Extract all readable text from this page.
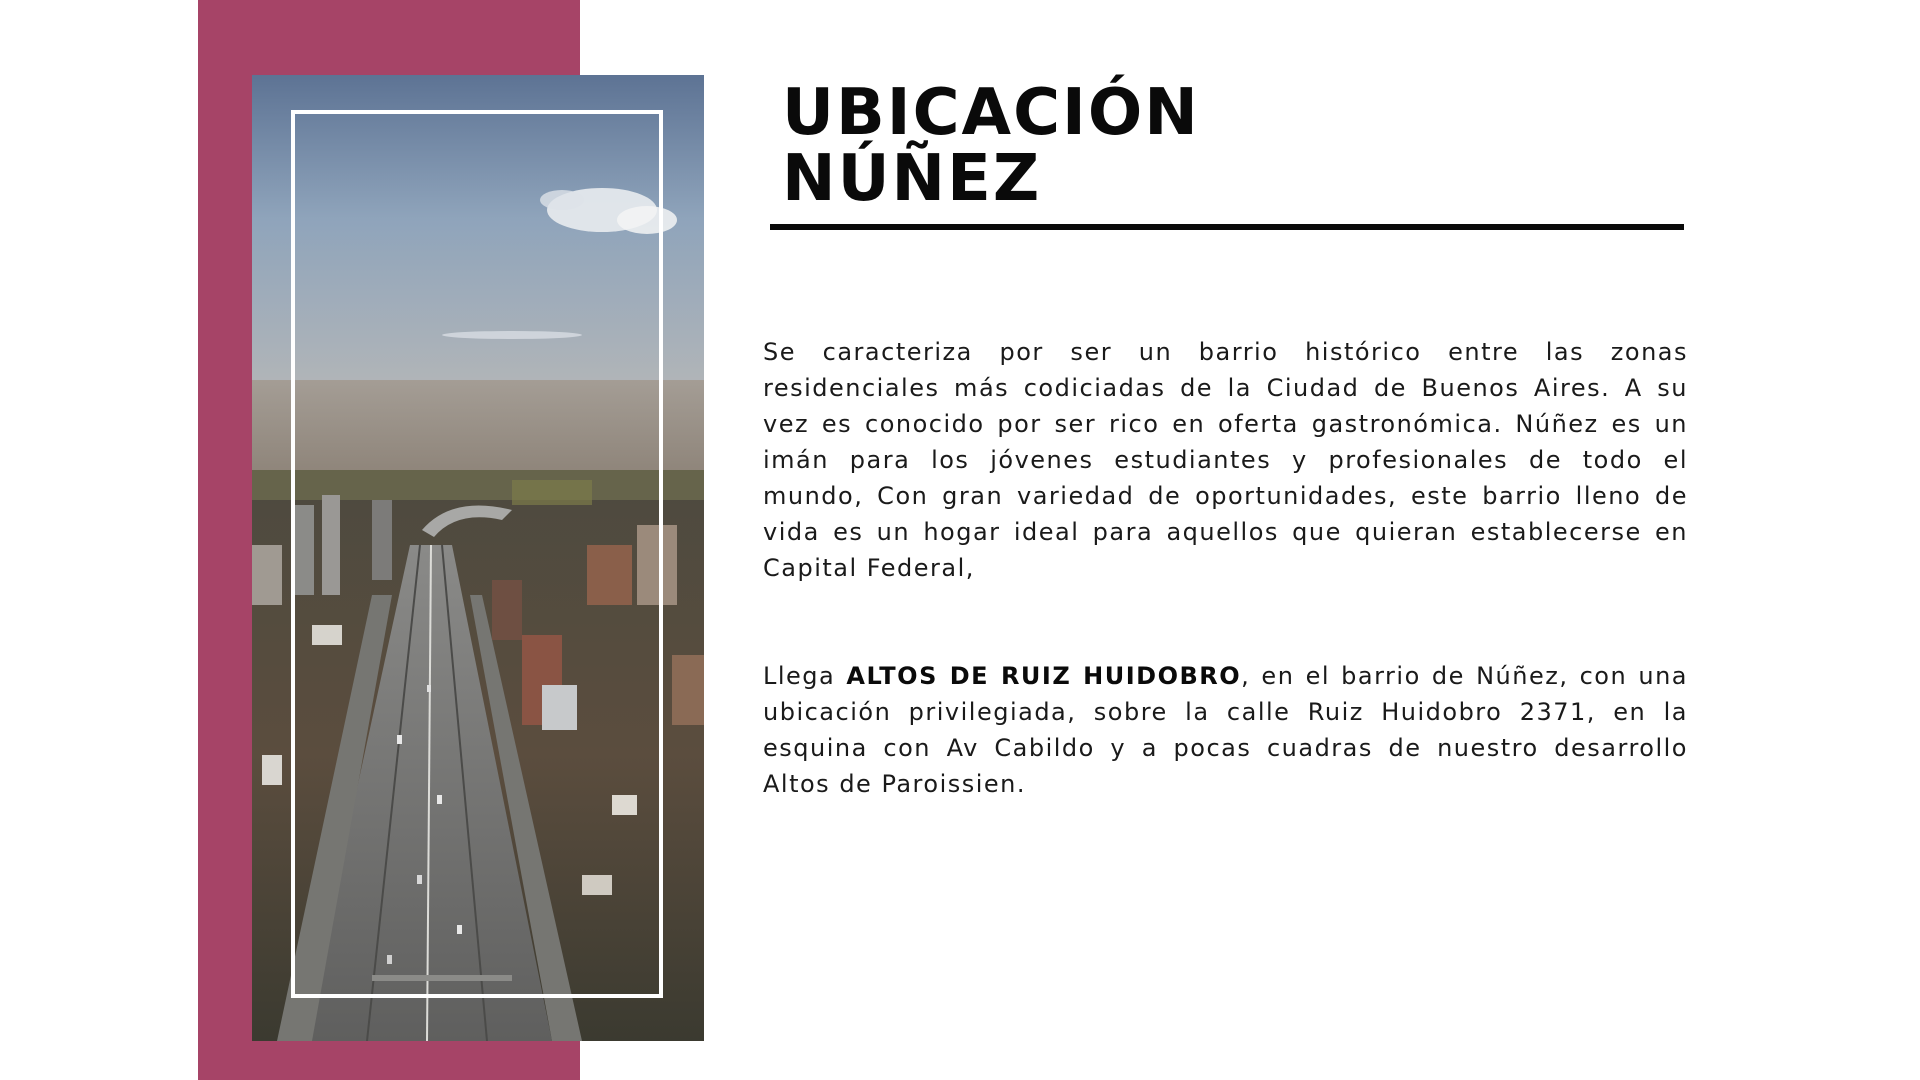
UBICACIÓN
NÚÑEZ

Se caracteriza por ser un barrio histórico entre las zonas residenciales más codiciadas de la Ciudad de Buenos Aires. A su vez es conocido por ser rico en oferta gastronómica. Núñez es un imán para los jóvenes estudiantes y profesionales de todo el mundo, Con gran variedad de oportunidades, este barrio lleno de vida es un hogar ideal para aquellos que quieran establecerse en Capital Federal,

Llega ALTOS DE RUIZ HUIDOBRO, en el barrio de Núñez, con una ubicación privilegiada, sobre la calle Ruiz Huidobro 2371, en la esquina con Av Cabildo y a pocas cuadras de nuestro desarrollo Altos de Paroissien.
